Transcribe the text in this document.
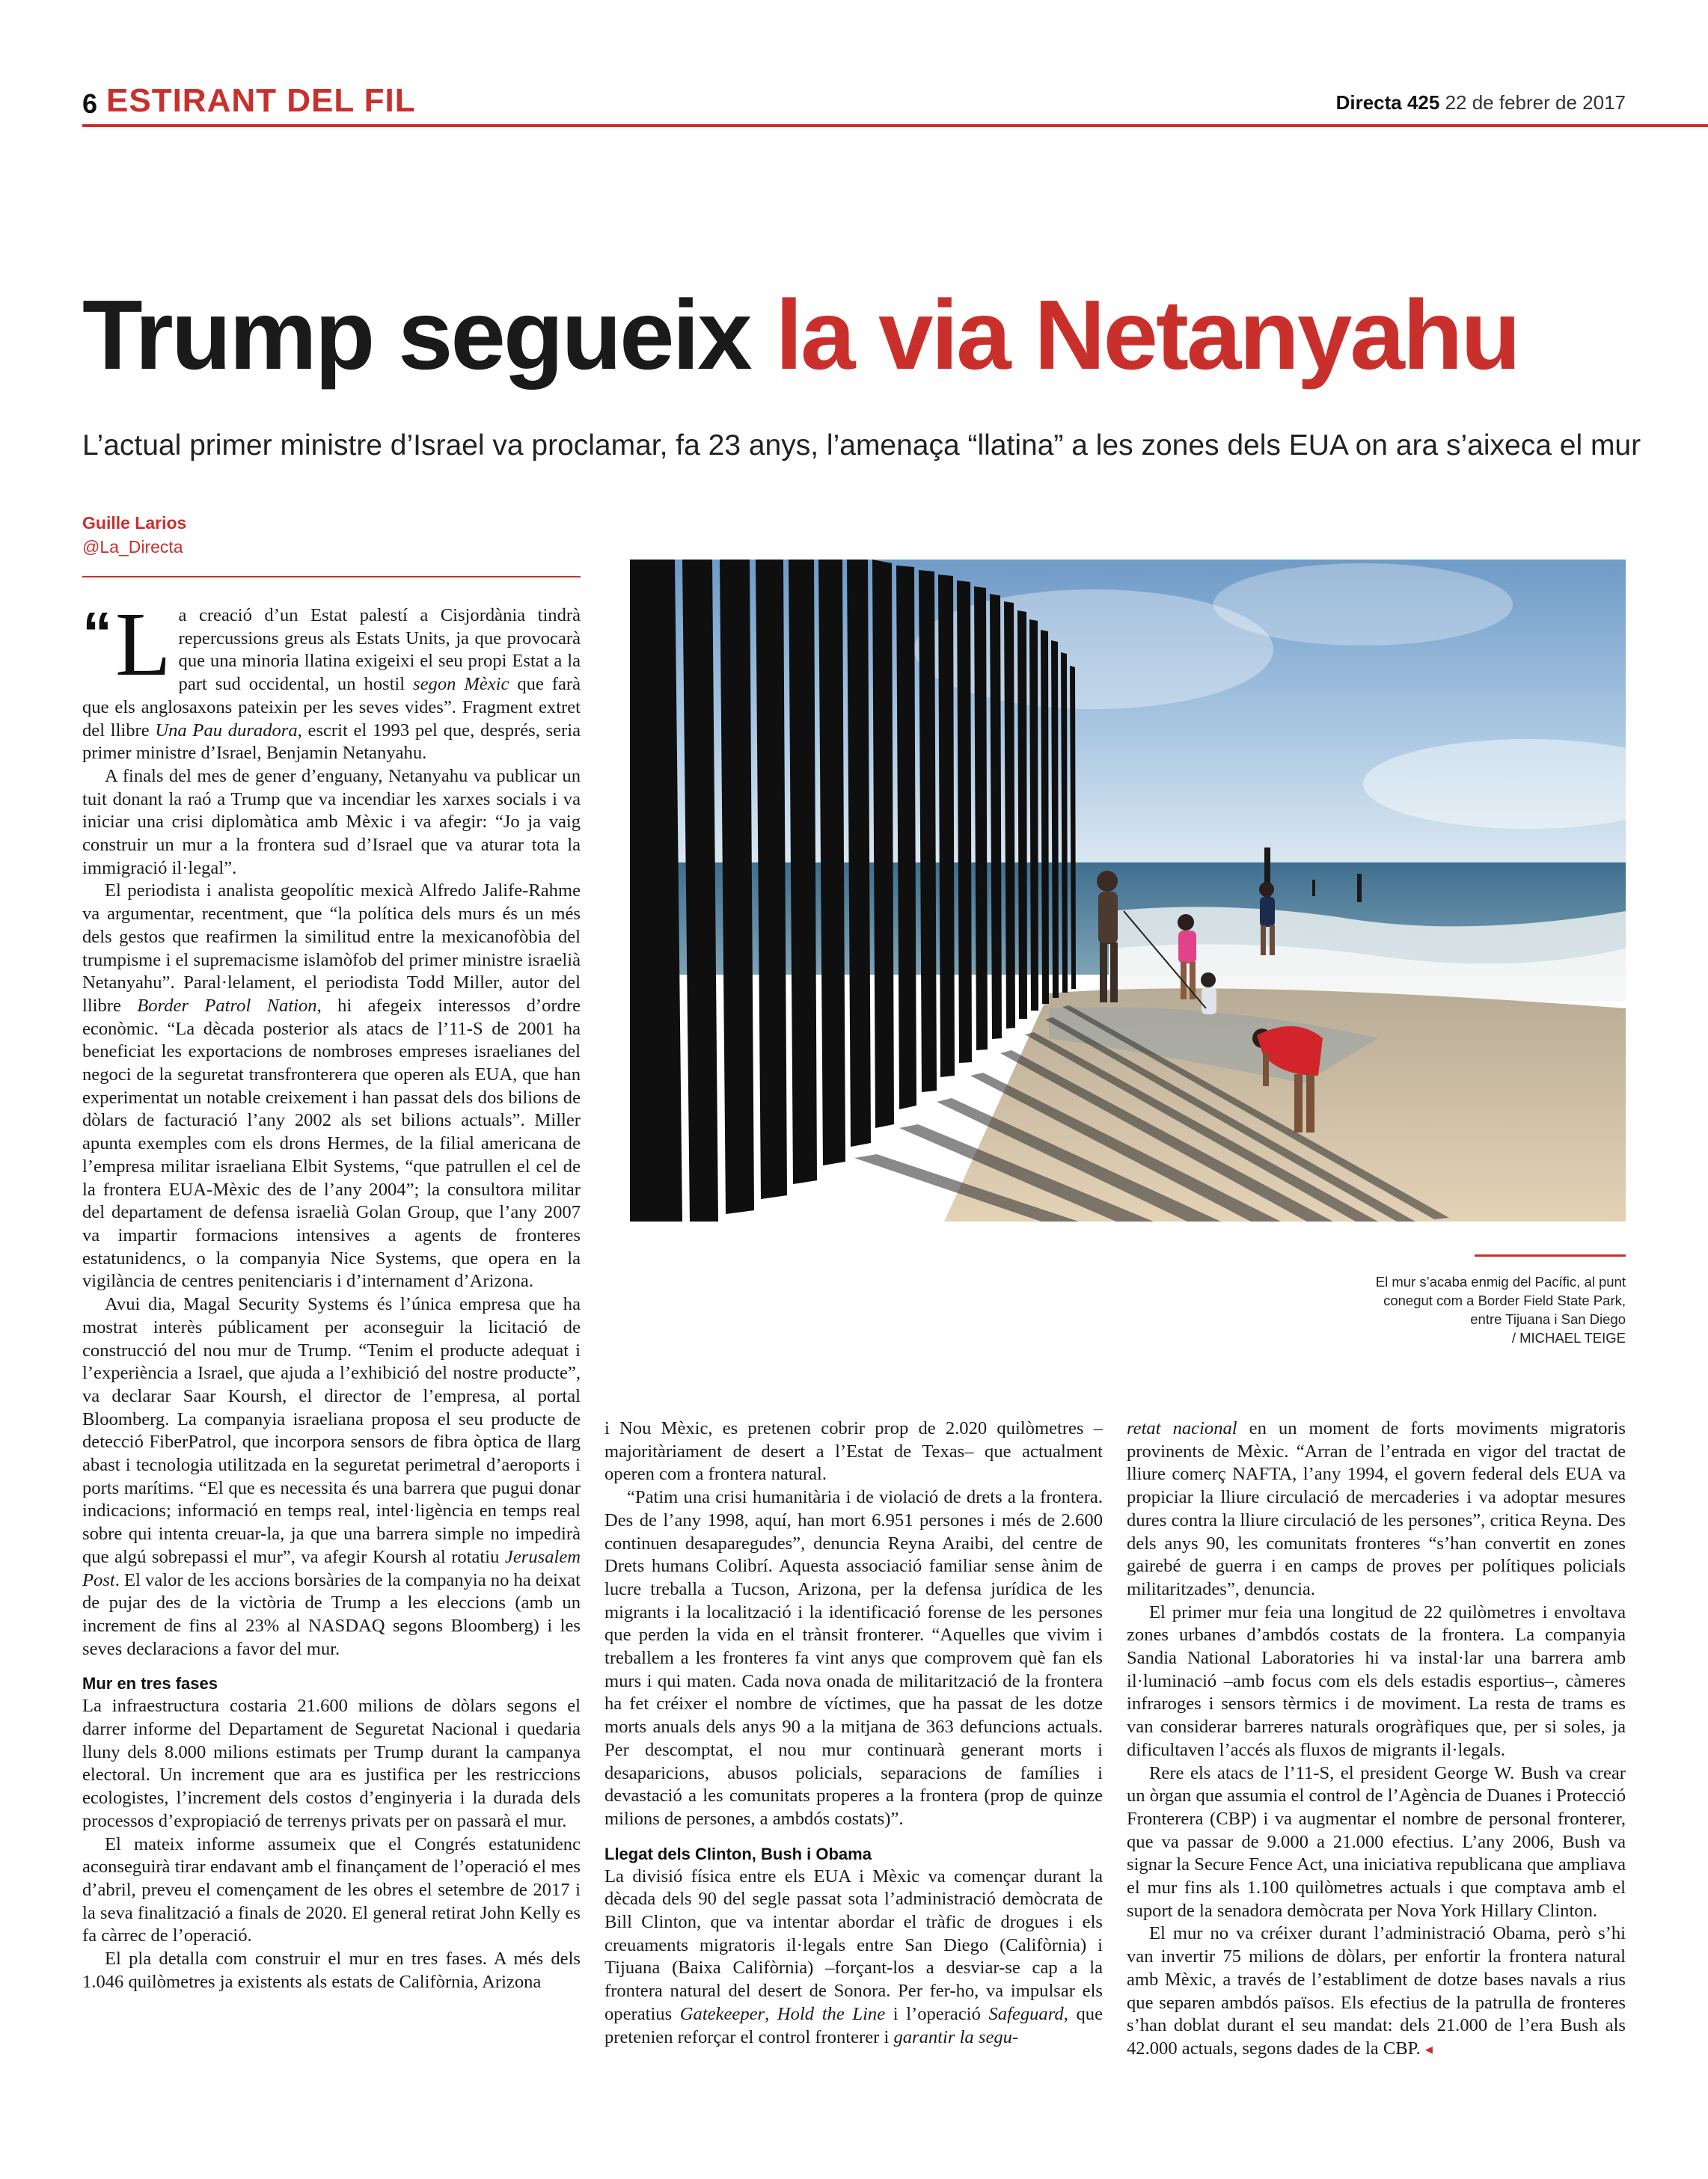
6 ESTIRANT DEL FIL	Directa 425 22 de febrer de 2017
Trump segueix la via Netanyahu
L’actual primer ministre d’Israel va proclamar, fa 23 anys, l’amenaça “llatina” a les zones dels EUA on ara s’aixeca el mur
Guille Larios
@La_Directa

“ L a creació d’un Estat palestí a Cisjordània tindrà repercussions greus als Estats Units, ja que provocarà que una minoria llatina exigeixi el seu propi Estat a la part sud occidental, un hostil segon Mèxic que farà que els anglosaxons pateixin per les seves vides”. Fragment extret del llibre Una Pau duradora, escrit el 1993 pel que, després, seria primer ministre d’Israel, Benjamin Netanyahu.

A finals del mes de gener d’enguany, Netanyahu va publicar un tuit donant la raó a Trump que va incendiar les xarxes socials i va iniciar una crisi diplomàtica amb Mèxic i va afegir: “Jo ja vaig construir un mur a la frontera sud d’Israel que va aturar tota la immigració il·legal”.

El periodista i analista geopolític mexicà Alfredo Jalife-Rahme va argumentar, recentment, que “la política dels murs és un més dels gestos que reafirmen la similitud entre la mexicanofòbia del trumpisme i el supremacisme islamòfob del primer ministre israelià Netanyahu”. Paral·lelament, el periodista Todd Miller, autor del llibre Border Patrol Nation, hi afegeix interessos d’ordre econòmic. “La dècada posterior als atacs de l’11-S de 2001 ha beneficiat les exportacions de nombroses empreses israelianes del negoci de la seguretat transfronterera que operen als EUA, que han experimentat un notable creixement i han passat dels dos bilions de dòlars de facturació l’any 2002 als set bilions actuals”. Miller apunta exemples com els drons Hermes, de la filial americana de l’empresa militar israeliana Elbit Systems, “que patrullen el cel de la frontera EUA-Mèxic des de l’any 2004”; la consultora militar del departament de defensa israelià Golan Group, que l’any 2007 va impartir formacions intensives a agents de fronteres estatunidencs, o la companyia Nice Systems, que opera en la vigilància de centres penitenciaris i d’internament d’Arizona.

Avui dia, Magal Security Systems és l’única empresa que ha mostrat interès públicament per aconseguir la licitació de construcció del nou mur de Trump. “Tenim el producte adequat i l’experiència a Israel, que ajuda a l’exhibició del nostre producte”, va declarar Saar Koursh, el director de l’empresa, al portal Bloomberg. La companyia israeliana proposa el seu producte de detecció FiberPatrol, que incorpora sensors de fibra òptica de llarg abast i tecnologia utilitzada en la seguretat perimetral d’aeroports i ports marítims. “El que es necessita és una barrera que pugui donar indicacions; informació en temps real, intel·ligència en temps real sobre qui intenta creuar-la, ja que una barrera simple no impedirà que algú sobrepassi el mur”, va afegir Koursh al rotatiu Jerusalem Post. El valor de les accions borsàries de la companyia no ha deixat de pujar des de la victòria de Trump a les eleccions (amb un increment de fins al 23% al NASDAQ segons Bloomberg) i les seves declaracions a favor del mur.

Mur en tres fases

La infraestructura costaria 21.600 milions de dòlars segons el darrer informe del Departament de Seguretat Nacional i quedaria lluny dels 8.000 milions estimats per Trump durant la campanya electoral. Un increment que ara es justifica per les restriccions ecologistes, l’increment dels costos d’enginyeria i la durada dels processos d’expropiació de terrenys privats per on passarà el mur.

El mateix informe assumeix que el Congrés estatunidenc aconseguirà tirar endavant amb el finançament de l’operació el mes d’abril, preveu el començament de les obres el setembre de 2017 i la seva finalització a finals de 2020. El general retirat John Kelly es fa càrrec de l’operació.

El pla detalla com construir el mur en tres fases. A més dels 1.046 quilòmetres ja existents als estats de Califòrnia, Arizona

El mur s’acaba enmig del Pacífic, al punt conegut com a Border Field State Park, entre Tijuana i San Diego
/ MICHAEL TEIGE

i Nou Mèxic, es pretenen cobrir prop de 2.020 quilòmetres –majoritàriament de desert a l’Estat de Texas– que actualment operen com a frontera natural.

“Patim una crisi humanitària i de violació de drets a la frontera. Des de l’any 1998, aquí, han mort 6.951 persones i més de 2.600 continuen desaparegudes”, denuncia Reyna Araibi, del centre de Drets humans Colibrí. Aquesta associació familiar sense ànim de lucre treballa a Tucson, Arizona, per la defensa jurídica de les migrants i la localització i la identificació forense de les persones que perden la vida en el trànsit fronterer. “Aquelles que vivim i treballem a les fronteres fa vint anys que comprovem què fan els murs i qui maten. Cada nova onada de militarització de la frontera ha fet créixer el nombre de víctimes, que ha passat de les dotze morts anuals dels anys 90 a la mitjana de 363 defuncions actuals. Per descomptat, el nou mur continuarà generant morts i desaparicions, abusos policials, separacions de famílies i devastació a les comunitats properes a la frontera (prop de quinze milions de persones, a ambdós costats)”.

Llegat dels Clinton, Bush i Obama

La divisió física entre els EUA i Mèxic va començar durant la dècada dels 90 del segle passat sota l’administració demòcrata de Bill Clinton, que va intentar abordar el tràfic de drogues i els creuaments migratoris il·legals entre San Diego (Califòrnia) i Tijuana (Baixa Califòrnia) –forçant-los a desviar-se cap a la frontera natural del desert de Sonora. Per fer-ho, va impulsar els operatius Gatekeeper, Hold the Line i l’operació Safeguard, que pretenien reforçar el control fronterer i garantir la segu-

retat nacional en un moment de forts moviments migratoris provinents de Mèxic. “Arran de l’entrada en vigor del tractat de lliure comerç NAFTA, l’any 1994, el govern federal dels EUA va propiciar la lliure circulació de mercaderies i va adoptar mesures dures contra la lliure circulació de les persones”, critica Reyna. Des dels anys 90, les comunitats fronteres “s’han convertit en zones gairebé de guerra i en camps de proves per polítiques policials militaritzades”, denuncia.

El primer mur feia una longitud de 22 quilòmetres i envoltava zones urbanes d’ambdós costats de la frontera. La companyia Sandia National Laboratories hi va instal·lar una barrera amb il·luminació –amb focus com els dels estadis esportius–, càmeres infraroges i sensors tèrmics i de moviment. La resta de trams es van considerar barreres naturals orogràfiques que, per si soles, ja dificultaven l’accés als fluxos de migrants il·legals.

Rere els atacs de l’11-S, el president George W. Bush va crear un òrgan que assumia el control de l’Agència de Duanes i Protecció Fronterera (CBP) i va augmentar el nombre de personal fronterer, que va passar de 9.000 a 21.000 efectius. L’any 2006, Bush va signar la Secure Fence Act, una iniciativa republicana que ampliava el mur fins als 1.100 quilòmetres actuals i que comptava amb el suport de la senadora demòcrata per Nova York Hillary Clinton.

El mur no va créixer durant l’administració Obama, però s’hi van invertir 75 milions de dòlars, per enfortir la frontera natural amb Mèxic, a través de l’establiment de dotze bases navals a rius que separen ambdós països. Els efectius de la patrulla de fronteres s’han doblat durant el seu mandat: dels 21.000 de l’era Bush als 42.000 actuals, segons dades de la CBP. ◂
